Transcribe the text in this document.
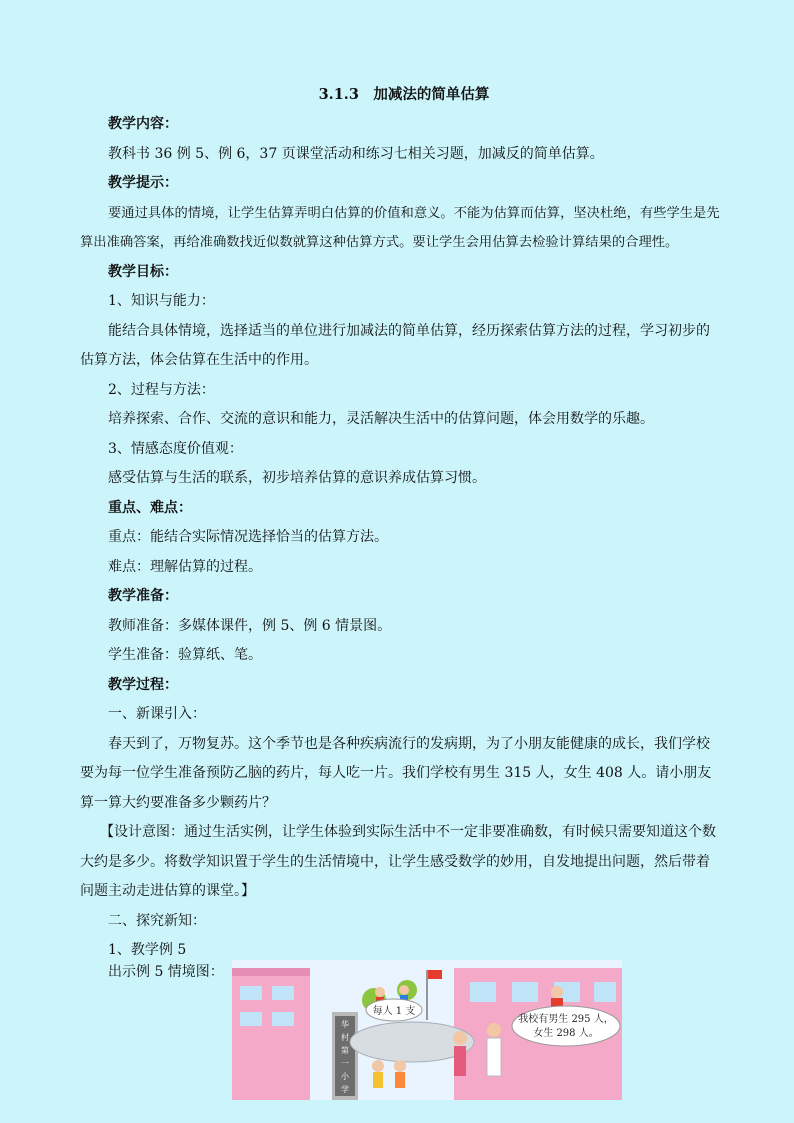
3.1.3　加减法的简单估算
教学内容：
教科书 36 例 5、例 6，37 页课堂活动和练习七相关习题，加减反的简单估算。
教学提示：
要通过具体的情境，让学生估算弄明白估算的价值和意义。不能为估算而估算，坚决杜绝，有些学生是先算出准确答案，再给准确数找近似数就算这种估算方式。要让学生会用估算去检验计算结果的合理性。
教学目标：
1、知识与能力：
能结合具体情境，选择适当的单位进行加减法的简单估算，经历探索估算方法的过程，学习初步的估算方法，体会估算在生活中的作用。
2、过程与方法：
培养探索、合作、交流的意识和能力，灵活解决生活中的估算问题，体会用数学的乐趣。
3、情感态度价值观：
感受估算与生活的联系，初步培养估算的意识养成估算习惯。
重点、难点：
重点：能结合实际情况选择恰当的估算方法。
难点：理解估算的过程。
教学准备：
教师准备：多媒体课件，例 5、例 6 情景图。
学生准备：验算纸、笔。
教学过程：
一、新课引入：
春天到了，万物复苏。这个季节也是各种疾病流行的发病期，为了小朋友能健康的成长，我们学校要为每一位学生准备预防乙脑的药片，每人吃一片。我们学校有男生 315 人，女生 408 人。请小朋友算一算大约要准备多少颗药片？
【设计意图：通过生活实例，让学生体验到实际生活中不一定非要准确数，有时候只需要知道这个数大约是多少。将数学知识置于学生的生活情境中，让学生感受数学的妙用，自发地提出问题，然后带着问题主动走进估算的课堂。】
二、探究新知：
1、教学例 5
出示例 5 情境图：
华
村
第
一
小
学
每人 1 支
我校有男生 295 人，
女生 298 人。
